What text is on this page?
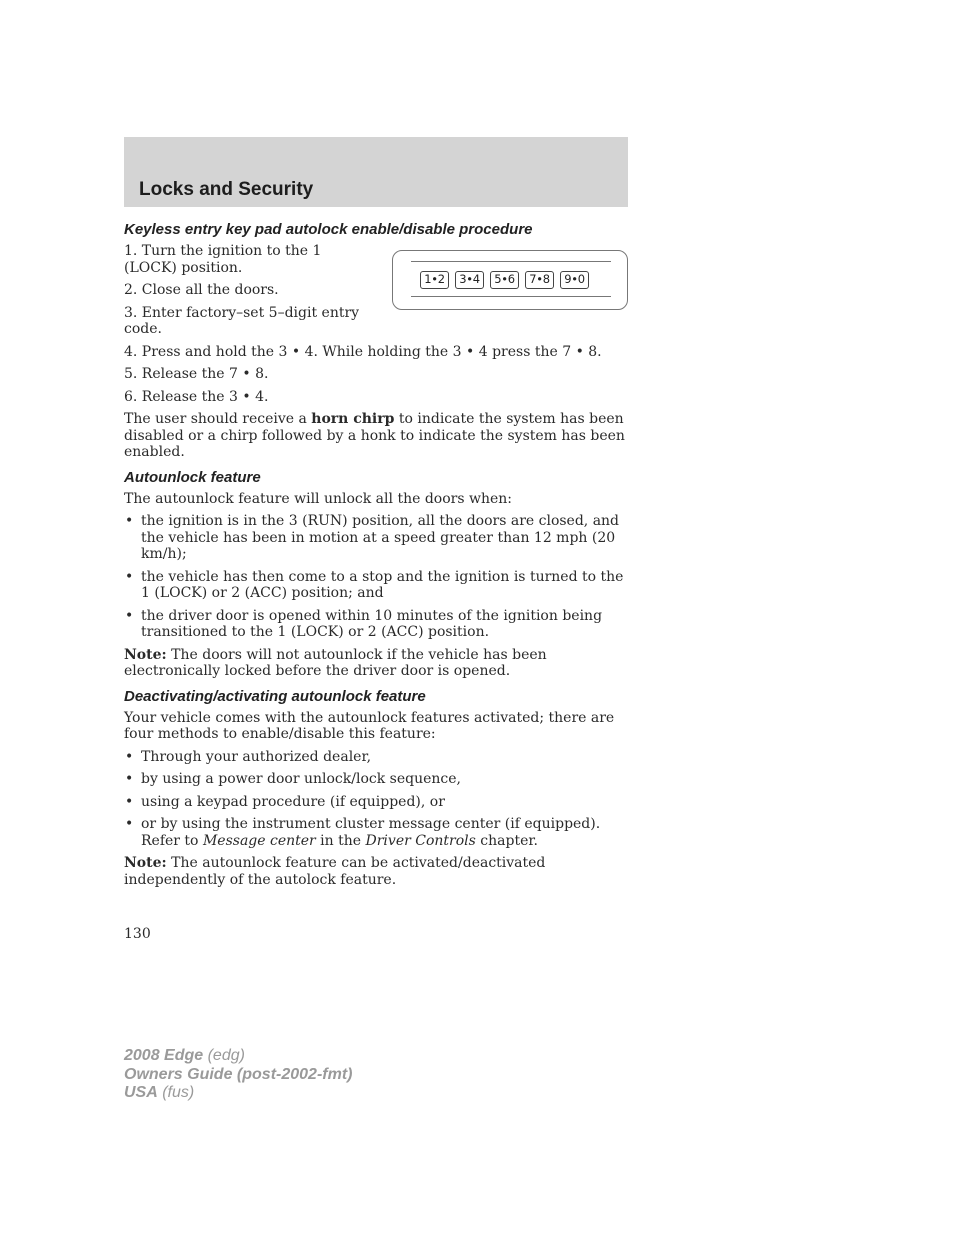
Locks and Security
1•2	3•4	5•6	7•8	9•0
Keyless entry key pad autolock enable/disable procedure

1. Turn the ignition to the 1 (LOCK) position.

2. Close all the doors.

3. Enter factory–set 5–digit entry code.

4. Press and hold the 3 • 4. While holding the 3 • 4 press the 7 • 8.

5. Release the 7 • 8.

6. Release the 3 • 4.

The user should receive a horn chirp to indicate the system has been disabled or a chirp followed by a honk to indicate the system has been enabled.

Autounlock feature

The autounlock feature will unlock all the doors when:

• the ignition is in the 3 (RUN) position, all the doors are closed, and the vehicle has been in motion at a speed greater than 12 mph (20 km/h);
• the vehicle has then come to a stop and the ignition is turned to the 1 (LOCK) or 2 (ACC) position; and
• the driver door is opened within 10 minutes of the ignition being transitioned to the 1 (LOCK) or 2 (ACC) position.

Note: The doors will not autounlock if the vehicle has been electronically locked before the driver door is opened.

Deactivating/activating autounlock feature

Your vehicle comes with the autounlock features activated; there are four methods to enable/disable this feature:

• Through your authorized dealer,
• by using a power door unlock/lock sequence,
• using a keypad procedure (if equipped), or
• or by using the instrument cluster message center (if equipped). Refer to Message center in the Driver Controls chapter.

Note: The autounlock feature can be activated/deactivated independently of the autolock feature.

130
2008 Edge (edg)
Owners Guide (post-2002-fmt)
USA (fus)
